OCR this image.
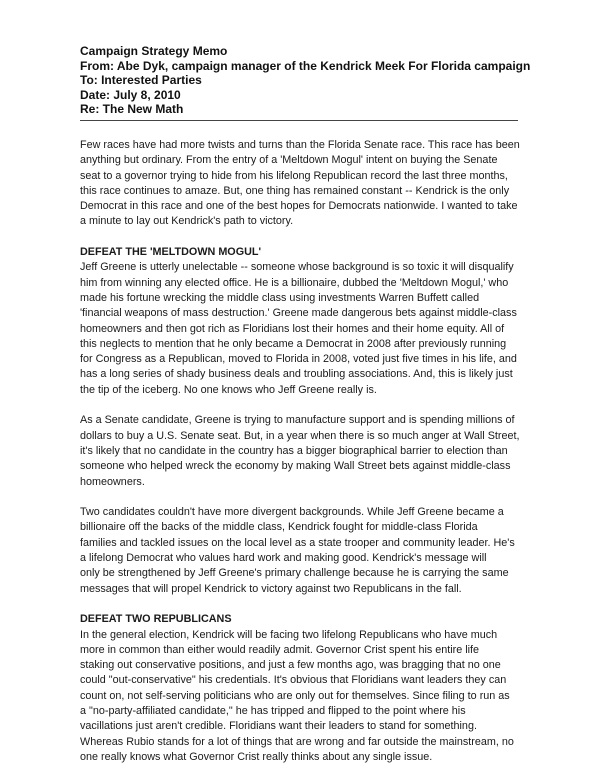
Campaign Strategy Memo
From: Abe Dyk, campaign manager of the Kendrick Meek For Florida campaign
To: Interested Parties
Date: July 8, 2010
Re: The New Math
Few races have had more twists and turns than the Florida Senate race. This race has been
anything but ordinary. From the entry of a 'Meltdown Mogul' intent on buying the Senate
seat to a governor trying to hide from his lifelong Republican record the last three months,
this race continues to amaze. But, one thing has remained constant -- Kendrick is the only
Democrat in this race and one of the best hopes for Democrats nationwide. I wanted to take
a minute to lay out Kendrick's path to victory.
DEFEAT THE 'MELTDOWN MOGUL'
Jeff Greene is utterly unelectable -- someone whose background is so toxic it will disqualify
him from winning any elected office. He is a billionaire, dubbed the 'Meltdown Mogul,' who
made his fortune wrecking the middle class using investments Warren Buffett called
'financial weapons of mass destruction.' Greene made dangerous bets against middle-class
homeowners and then got rich as Floridians lost their homes and their home equity. All of
this neglects to mention that he only became a Democrat in 2008 after previously running
for Congress as a Republican, moved to Florida in 2008, voted just five times in his life, and
has a long series of shady business deals and troubling associations. And, this is likely just
the tip of the iceberg. No one knows who Jeff Greene really is.
As a Senate candidate, Greene is trying to manufacture support and is spending millions of
dollars to buy a U.S. Senate seat. But, in a year when there is so much anger at Wall Street,
it's likely that no candidate in the country has a bigger biographical barrier to election than
someone who helped wreck the economy by making Wall Street bets against middle-class
homeowners.
Two candidates couldn't have more divergent backgrounds. While Jeff Greene became a
billionaire off the backs of the middle class, Kendrick fought for middle-class Florida
families and tackled issues on the local level as a state trooper and community leader. He's
a lifelong Democrat who values hard work and making good. Kendrick's message will
only be strengthened by Jeff Greene's primary challenge because he is carrying the same
messages that will propel Kendrick to victory against two Republicans in the fall.
DEFEAT TWO REPUBLICANS
In the general election, Kendrick will be facing two lifelong Republicans who have much
more in common than either would readily admit. Governor Crist spent his entire life
staking out conservative positions, and just a few months ago, was bragging that no one
could "out-conservative" his credentials. It's obvious that Floridians want leaders they can
count on, not self-serving politicians who are only out for themselves. Since filing to run as
a "no-party-affiliated candidate," he has tripped and flipped to the point where his
vacillations just aren't credible. Floridians want their leaders to stand for something.
Whereas Rubio stands for a lot of things that are wrong and far outside the mainstream, no
one really knows what Governor Crist really thinks about any single issue.
